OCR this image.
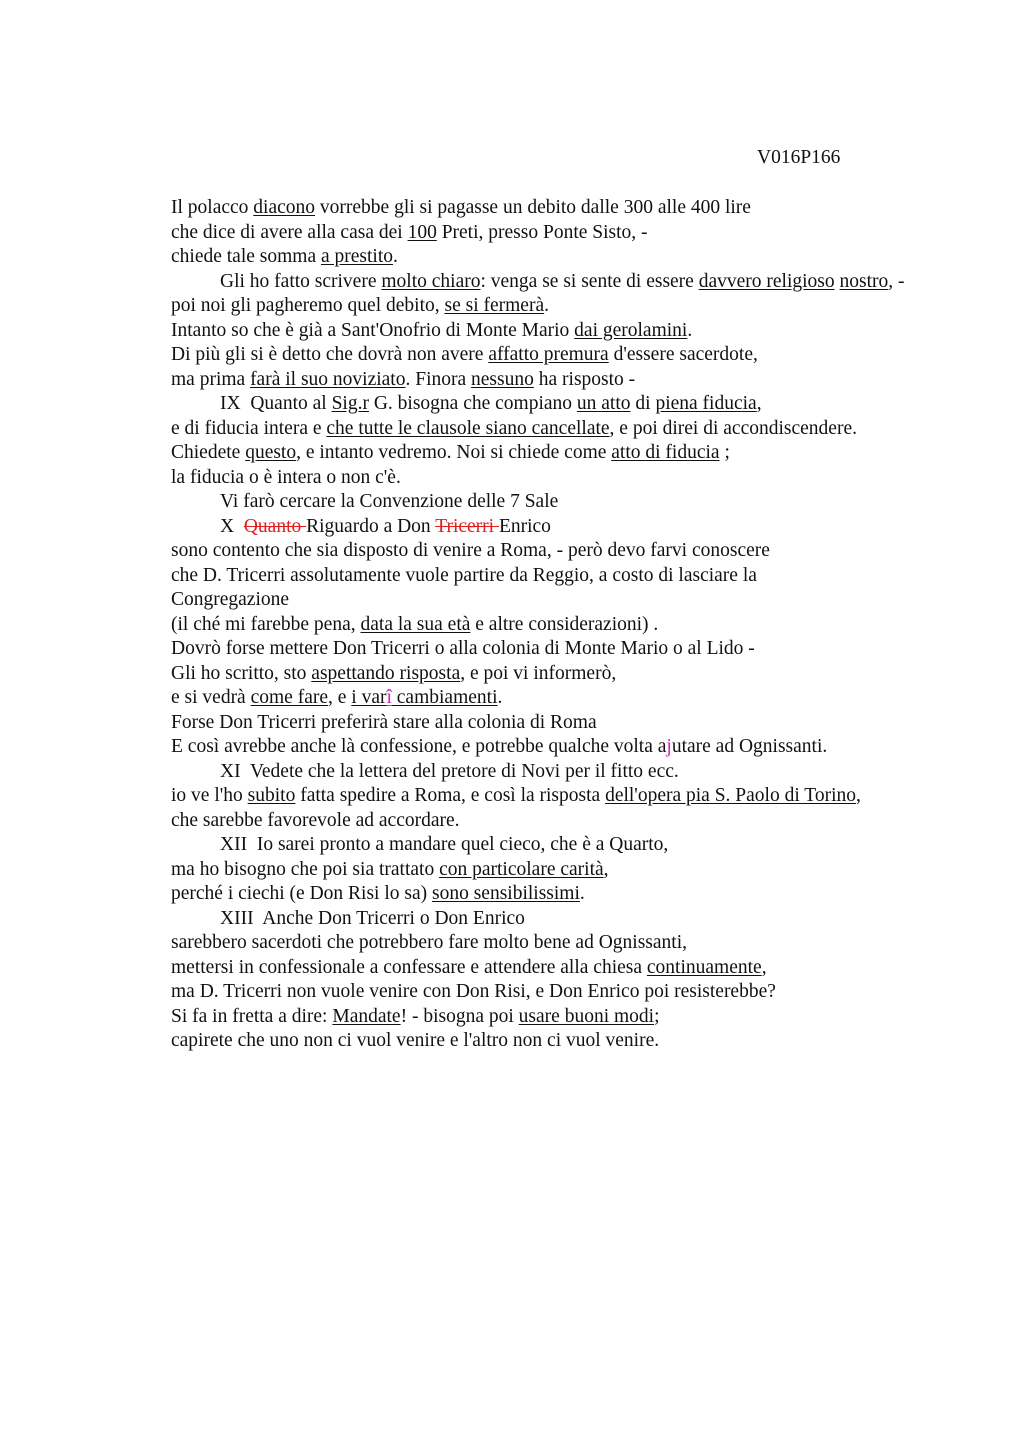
V016P166
Il polacco diacono vorrebbe gli si pagasse un debito dalle 300 alle 400 lire
che dice di avere alla casa dei 100 Preti, presso Ponte Sisto, -
chiede tale somma a prestito.
Gli ho fatto scrivere molto chiaro: venga se si sente di essere davvero religioso nostro, -
poi noi gli pagheremo quel debito, se si fermerà.
Intanto so che è già a Sant'Onofrio di Monte Mario dai gerolamini.
Di più gli si è detto che dovrà non avere affatto premura d'essere sacerdote,
ma prima farà il suo noviziato. Finora nessuno ha risposto -
IX  Quanto al Sig.r G. bisogna che compiano un atto di piena fiducia,
e di fiducia intera e che tutte le clausole siano cancellate, e poi direi di accondiscendere.
Chiedete questo, e intanto vedremo. Noi si chiede come atto di fiducia ;
la fiducia o è intera o non c'è.
Vi farò cercare la Convenzione delle 7 Sale
X  Quanto Riguardo a Don Tricerri Enrico
sono contento che sia disposto di venire a Roma, - però devo farvi conoscere
che D. Tricerri assolutamente vuole partire da Reggio, a costo di lasciare la
Congregazione
(il ché mi farebbe pena, data la sua età e altre considerazioni) .
Dovrò forse mettere Don Tricerri o alla colonia di Monte Mario o al Lido -
Gli ho scritto, sto aspettando risposta, e poi vi informerò,
e si vedrà come fare, e i varî cambiamenti.
Forse Don Tricerri preferirà stare alla colonia di Roma
E così avrebbe anche là confessione, e potrebbe qualche volta ajutare ad Ognissanti.
XI  Vedete che la lettera del pretore di Novi per il fitto ecc.
io ve l'ho subito fatta spedire a Roma, e così la risposta dell'opera pia S. Paolo di Torino,
che sarebbe favorevole ad accordare.
XII  Io sarei pronto a mandare quel cieco, che è a Quarto,
ma ho bisogno che poi sia trattato con particolare carità,
perché i ciechi (e Don Risi lo sa) sono sensibilissimi.
XIII  Anche Don Tricerri o Don Enrico
sarebbero sacerdoti che potrebbero fare molto bene ad Ognissanti,
mettersi in confessionale a confessare e attendere alla chiesa continuamente,
ma D. Tricerri non vuole venire con Don Risi, e Don Enrico poi resisterebbe?
Si fa in fretta a dire: Mandate! - bisogna poi usare buoni modi;
capirete che uno non ci vuol venire e l'altro non ci vuol venire.
